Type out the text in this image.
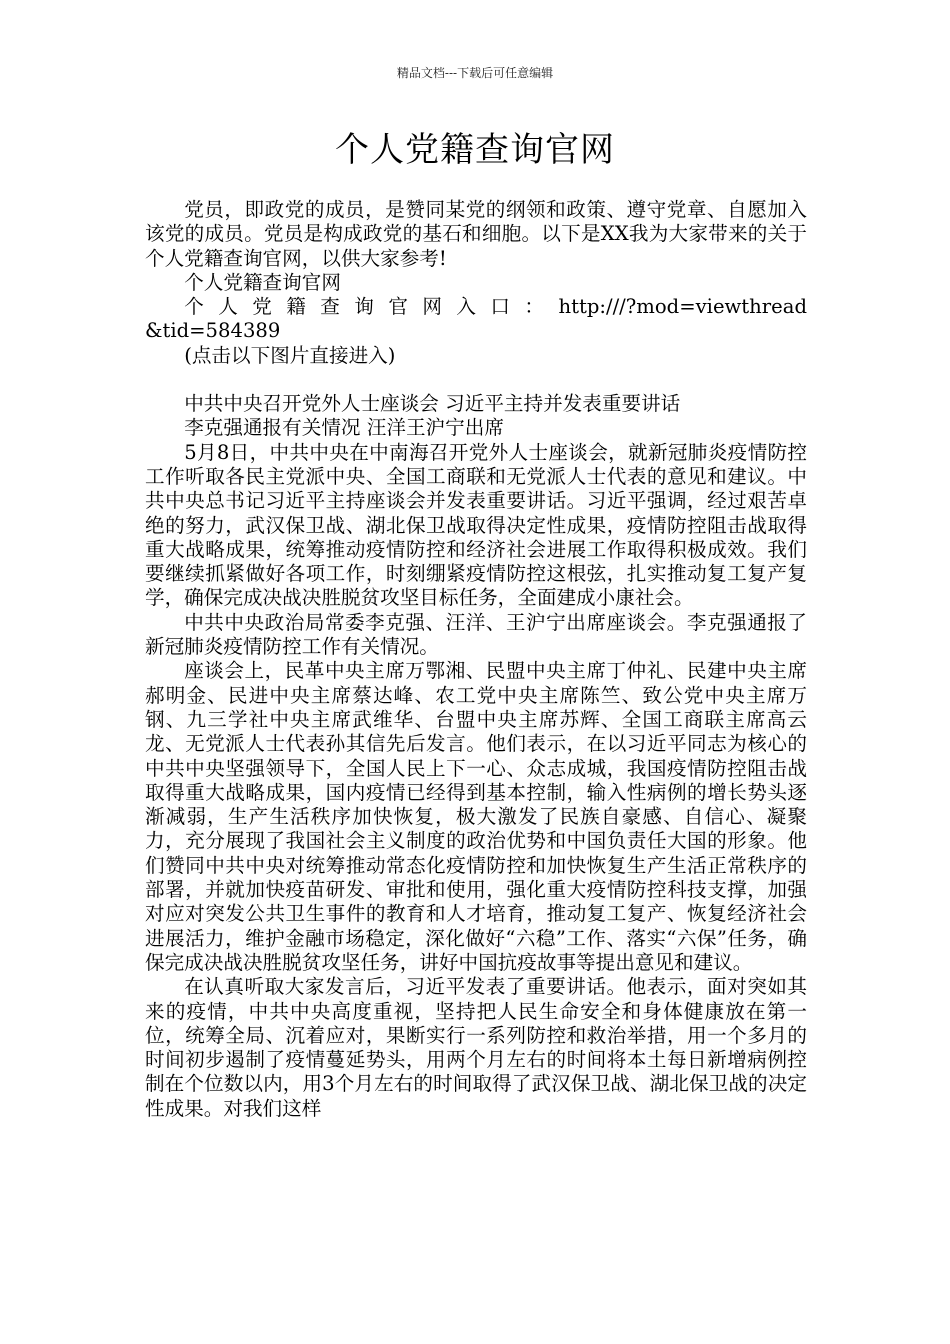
精品文档---下载后可任意编辑
个人党籍查询官网

党员，即政党的成员，是赞同某党的纲领和政策、遵守党章、自愿加入该党的成员。党员是构成政党的基石和细胞。以下是XX我为大家带来的关于个人党籍查询官网，以供大家参考!

个人党籍查询官网

个人党籍查询官网入口：http:///?mod=viewthread&tid=584389

(点击以下图片直接进入)

中共中央召开党外人士座谈会 习近平主持并发表重要讲话

李克强通报有关情况 汪洋王沪宁出席

5月8日，中共中央在中南海召开党外人士座谈会，就新冠肺炎疫情防控工作听取各民主党派中央、全国工商联和无党派人士代表的意见和建议。中共中央总书记习近平主持座谈会并发表重要讲话。习近平强调，经过艰苦卓绝的努力，武汉保卫战、湖北保卫战取得决定性成果，疫情防控阻击战取得重大战略成果，统筹推动疫情防控和经济社会进展工作取得积极成效。我们要继续抓紧做好各项工作，时刻绷紧疫情防控这根弦，扎实推动复工复产复学，确保完成决战决胜脱贫攻坚目标任务，全面建成小康社会。

中共中央政治局常委李克强、汪洋、王沪宁出席座谈会。李克强通报了新冠肺炎疫情防控工作有关情况。

座谈会上，民革中央主席万鄂湘、民盟中央主席丁仲礼、民建中央主席郝明金、民进中央主席蔡达峰、农工党中央主席陈竺、致公党中央主席万钢、九三学社中央主席武维华、台盟中央主席苏辉、全国工商联主席高云龙、无党派人士代表孙其信先后发言。他们表示，在以习近平同志为核心的中共中央坚强领导下，全国人民上下一心、众志成城，我国疫情防控阻击战取得重大战略成果，国内疫情已经得到基本控制，输入性病例的增长势头逐渐减弱，生产生活秩序加快恢复，极大激发了民族自豪感、自信心、凝聚力，充分展现了我国社会主义制度的政治优势和中国负责任大国的形象。他们赞同中共中央对统筹推动常态化疫情防控和加快恢复生产生活正常秩序的部署，并就加快疫苗研发、审批和使用，强化重大疫情防控科技支撑，加强对应对突发公共卫生事件的教育和人才培育，推动复工复产、恢复经济社会进展活力，维护金融市场稳定，深化做好“六稳”工作、落实“六保”任务，确保完成决战决胜脱贫攻坚任务，讲好中国抗疫故事等提出意见和建议。

在认真听取大家发言后，习近平发表了重要讲话。他表示，面对突如其来的疫情，中共中央高度重视，坚持把人民生命安全和身体健康放在第一位，统筹全局、沉着应对，果断实行一系列防控和救治举措，用一个多月的时间初步遏制了疫情蔓延势头，用两个月左右的时间将本土每日新增病例控制在个位数以内，用3个月左右的时间取得了武汉保卫战、湖北保卫战的决定性成果。对我们这样
